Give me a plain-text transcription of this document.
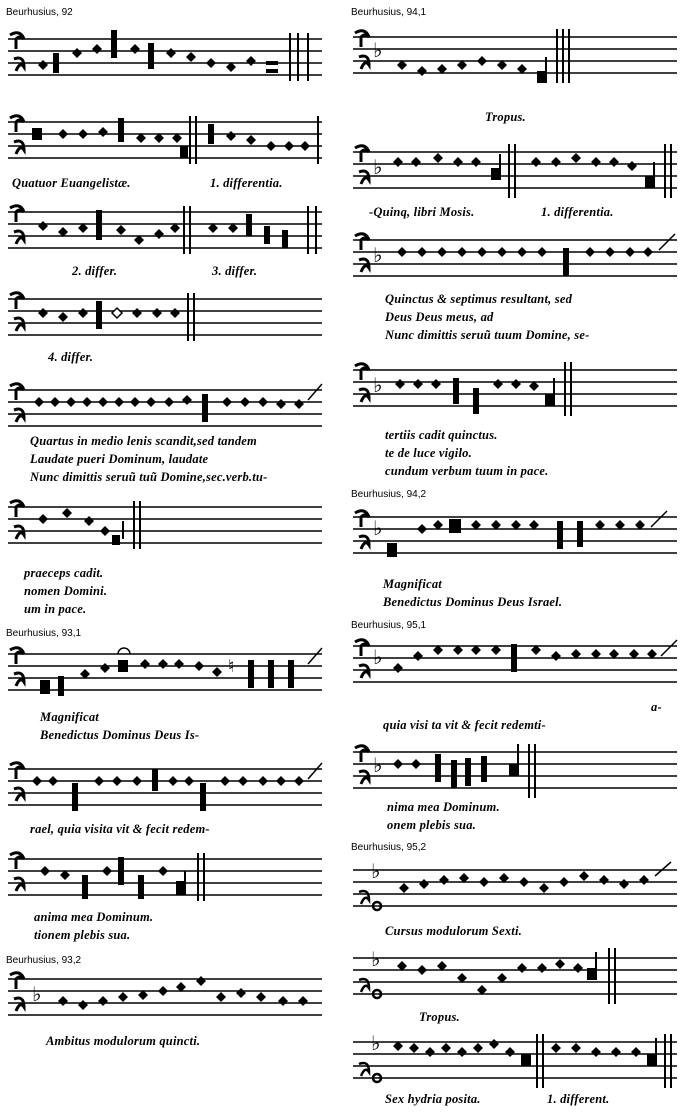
Beurhusius, 92
Quatuor Euangelistæ.	1. differentia.
2. differ.	3. differ.
4. differ.
Quartus in medio lenis scandit,sed tandem
Laudate pueri Dominum, laudate
Nunc dimittis seruũ tuũ Domine,sec.verb.tu-
praeceps cadit.
nomen Domini.
um in pace.
Beurhusius, 93,1
♮
Magnificat
Benedictus Dominus Deus Is-
rael, quia visita vit & fecit redem-
anima mea Dominum.
tionem plebis sua.
Beurhusius, 93,2
♭
Ambitus modulorum quincti.
Beurhusius, 94,1
♭
Tropus.
♭
-Quinq, libri Mosis.	1. differentia.
♭
Quinctus & septimus resultant, sed
Deus Deus meus, ad
Nunc dimittis seruũ tuum Domine, se-
♭
tertiis cadit quinctus.
te de luce vigilo.
cundum verbum tuum in pace.
Beurhusius, 94,2
♭
Magnificat
Benedictus Dominus Deus Israel.
Beurhusius, 95,1
♭
a-
quia visi ta vit & fecit redemti-
♭
nima mea Dominum.
onem plebis sua.
Beurhusius, 95,2
♭
Cursus modulorum Sexti.
♭
Tropus.
♭
Sex hydria posita.	1. different.
